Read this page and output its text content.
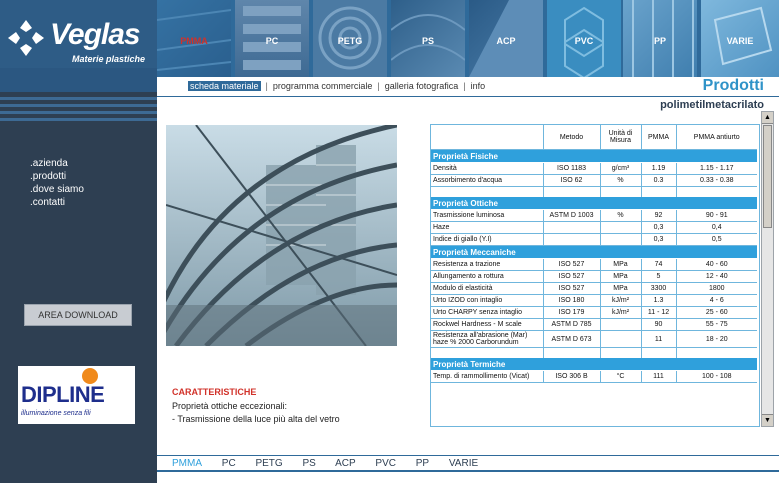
Veglas
Materie plastiche
.azienda
.prodotti
.dove siamo
.contatti
AREA DOWNLOAD
DIPLINE
illuminazione senza fili
PMMA	PC	PETG	PS	ACP	PVC	PP	VARIE
scheda materiale | programma commerciale | galleria fotografica | info	Prodotti
polimetilmetacrilato
CARATTERISTICHE
Proprietà ottiche eccezionali:
- Trasmissione della luce più alta del vetro
	Metodo	Unità di Misura	PMMA	PMMA antiurto
Proprietà Fisiche				
Densità	ISO 1183	g/cm³	1.19	1.15 - 1.17
Assorbimento d'acqua	ISO 62	%	0.3	0.33 - 0.38

Proprietà Ottiche				
Trasmissione luminosa	ASTM D 1003	%	92	90 - 91
Haze			0,3	0,4
Indice di giallo (Y.I)			0,3	0,5
Proprietà Meccaniche				
Resistenza a trazione	ISO 527	MPa	74	40 - 60
Allungamento a rottura	ISO 527	MPa	5	12 - 40
Modulo di elasticità	ISO 527	MPa	3300	1800
Urto IZOD con intaglio	ISO 180	kJ/m²	1.3	4 - 6
Urto CHARPY senza intaglio	ISO 179	kJ/m²	11 - 12	25 - 60
Rockwel Hardness - M scale	ASTM D 785		90	55 - 75
Resistenza all'abrasione (Mar) haze % 2000 Carborundum	ASTM D 673		11	18 - 20

Proprietà Termiche				
Temp. di rammollimento (Vicat)	ISO 306 B	°C	111	100 - 108
▲
▼
PMMA PC PETG PS ACP PVC PP VARIE
